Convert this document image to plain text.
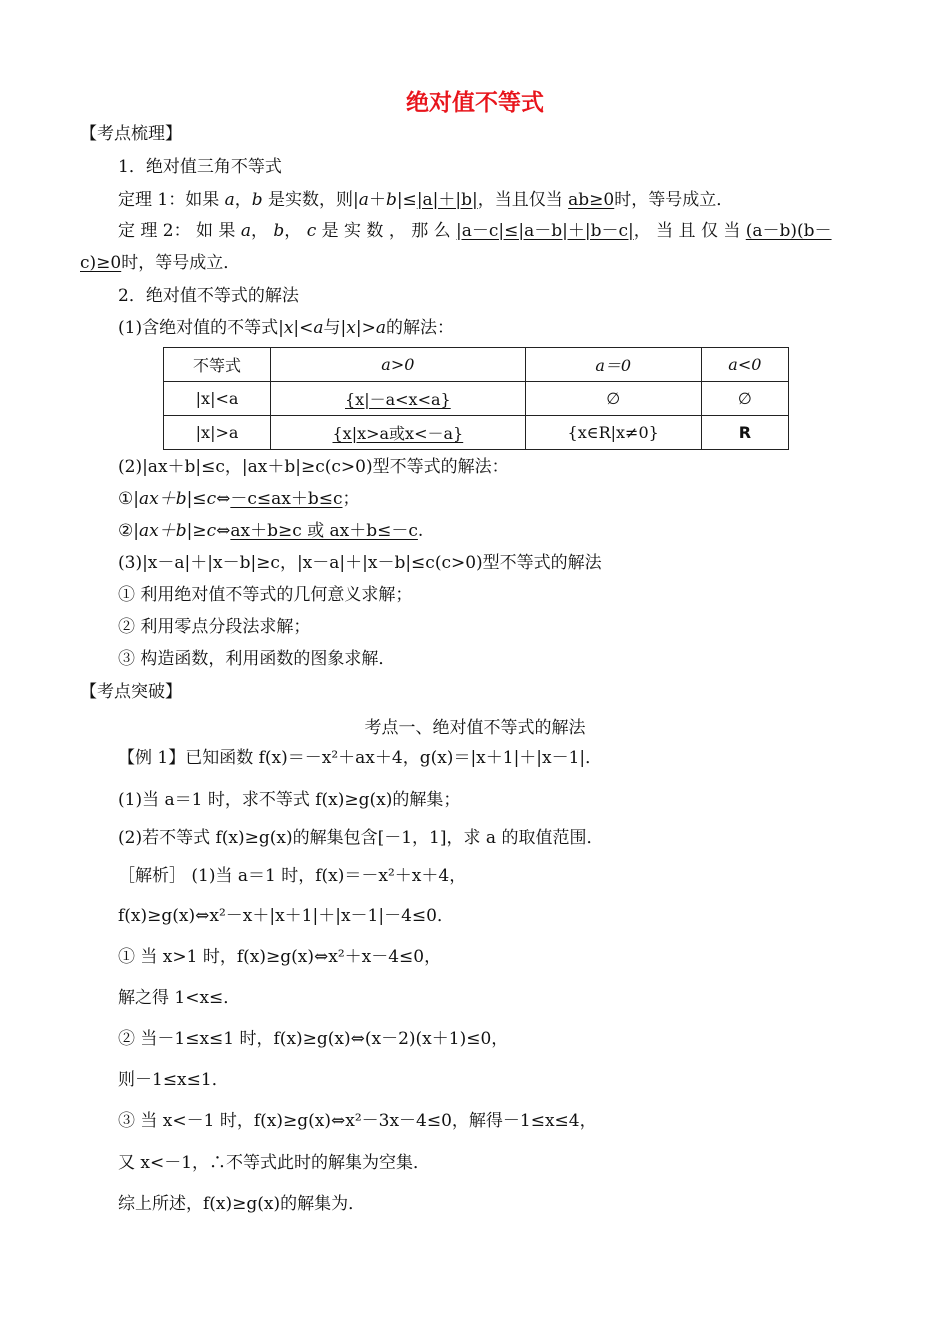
绝对值不等式
【考点梳理】
1．绝对值三角不等式
定理 1：如果 a，b 是实数，则|a＋b|≤|a|＋|b|，当且仅当 ab≥0时，等号成立．
定 理 2： 如 果 a， b， c 是 实 数 ， 那 么 |a－c|≤|a－b|＋|b－c|， 当 且 仅 当 (a－b)(b－
c)≥0时，等号成立．
2．绝对值不等式的解法
(1)含绝对值的不等式|x|<a与|x|>a的解法：
不等式	a>0	a＝0	a<0
|x|<a	{x|－a<x<a}	∅	∅
|x|>a	{x|x>a或x<－a}	{x∈R|x≠0}	R
(2)|ax＋b|≤c，|ax＋b|≥c(c>0)型不等式的解法：
①|ax＋b|≤c⇔－c≤ax＋b≤c；
②|ax＋b|≥c⇔ax＋b≥c 或 ax＋b≤－c.
(3)|x－a|＋|x－b|≥c，|x－a|＋|x－b|≤c(c>0)型不等式的解法
① 利用绝对值不等式的几何意义求解；
② 利用零点分段法求解；
③ 构造函数，利用函数的图象求解．
【考点突破】
考点一、绝对值不等式的解法
【例 1】已知函数 f(x)＝－x²＋ax＋4，g(x)＝|x＋1|＋|x－1|．
(1)当 a＝1 时，求不等式 f(x)≥g(x)的解集；
(2)若不等式 f(x)≥g(x)的解集包含[－1，1]，求 a 的取值范围．
［解析］ (1)当 a＝1 时，f(x)＝－x²＋x＋4，
f(x)≥g(x)⇔x²－x＋|x＋1|＋|x－1|－4≤0．
① 当 x>1 时，f(x)≥g(x)⇔x²＋x－4≤0，
解之得 1<x≤．
② 当－1≤x≤1 时，f(x)≥g(x)⇔(x－2)(x＋1)≤0，
则－1≤x≤1．
③ 当 x<－1 时，f(x)≥g(x)⇔x²－3x－4≤0，解得－1≤x≤4，
又 x<－1，∴不等式此时的解集为空集．
综上所述，f(x)≥g(x)的解集为．
